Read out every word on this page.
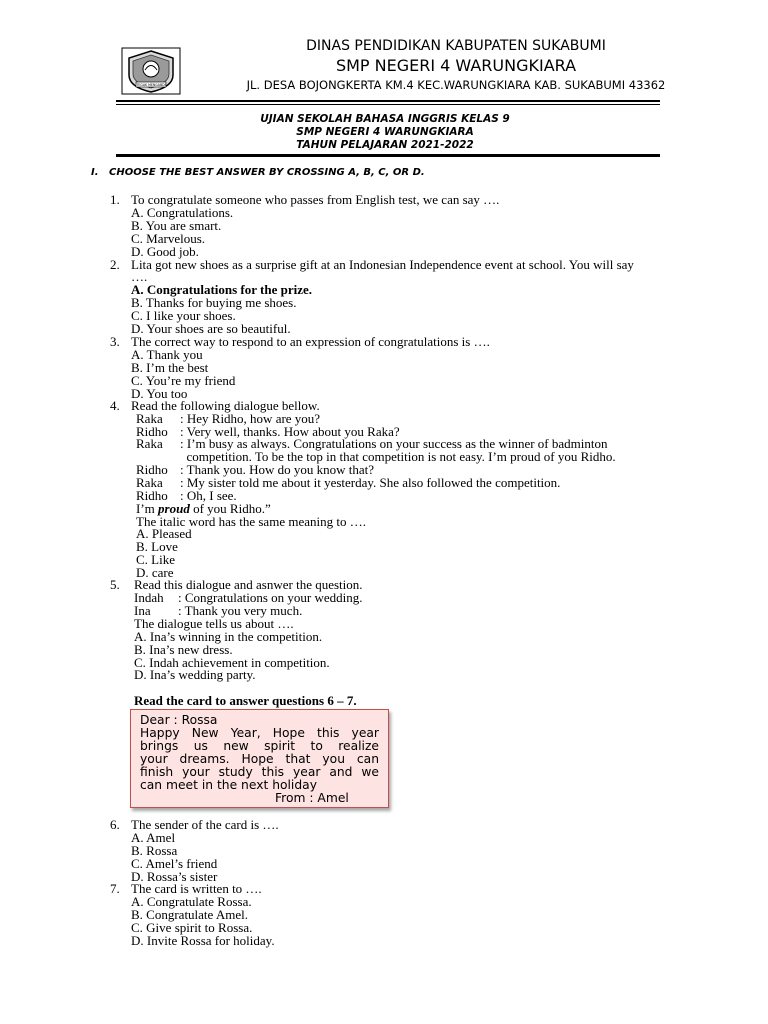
TEGAK MENGABDI
DINAS PENDIDIKAN KABUPATEN SUKABUMI
SMP NEGERI 4 WARUNGKIARA
JL. DESA BOJONGKERTA KM.4 KEC.WARUNGKIARA KAB. SUKABUMI 43362
UJIAN SEKOLAH BAHASA INGGRIS KELAS 9
SMP NEGERI 4 WARUNGKIARA
TAHUN PELAJARAN 2021-2022
I. CHOOSE THE BEST ANSWER BY CROSSING A, B, C, OR D.
1. To congratulate someone who passes from English test, we can say ….
A. Congratulations.
B. You are smart.
C. Marvelous.
D. Good job.
2. Lita got new shoes as a surprise gift at an Indonesian Independence event at school. You will say
….
A. Congratulations for the prize.
B. Thanks for buying me shoes.
C. I like your shoes.
D. Your shoes are so beautiful.
3. The correct way to respond to an expression of congratulations is ….
A. Thank you
B. I’m the best
C. You’re my friend
D. You too
4. Read the following dialogue bellow.
Raka : Hey Ridho, how are you?
Ridho : Very well, thanks. How about you Raka?
Raka : I’m busy as always. Congratulations on your success as the winner of badminton
competition. To be the top in that competition is not easy. I’m proud of you Ridho.
Ridho : Thank you. How do you know that?
Raka : My sister told me about it yesterday. She also followed the competition.
Ridho : Oh, I see.
I’m proud of you Ridho.”
The italic word has the same meaning to ….
A. Pleased
B. Love
C. Like
D. care
5. Read this dialogue and asnwer the question.
Indah : Congratulations on your wedding.
Ina : Thank you very much.
The dialogue tells us about ….
A. Ina’s winning in the competition.
B. Ina’s new dress.
C. Indah achievement in competition.
D. Ina’s wedding party.
Read the card to answer questions 6 – 7.
Dear : Rossa
Happy New Year, Hope this year
brings us new spirit to realize
your dreams. Hope that you can
finish your study this year and we
can meet in the next holiday
From : Amel
6. The sender of the card is ….
A. Amel
B. Rossa
C. Amel’s friend
D. Rossa’s sister
7. The card is written to ….
A. Congratulate Rossa.
B. Congratulate Amel.
C. Give spirit to Rossa.
D. Invite Rossa for holiday.
